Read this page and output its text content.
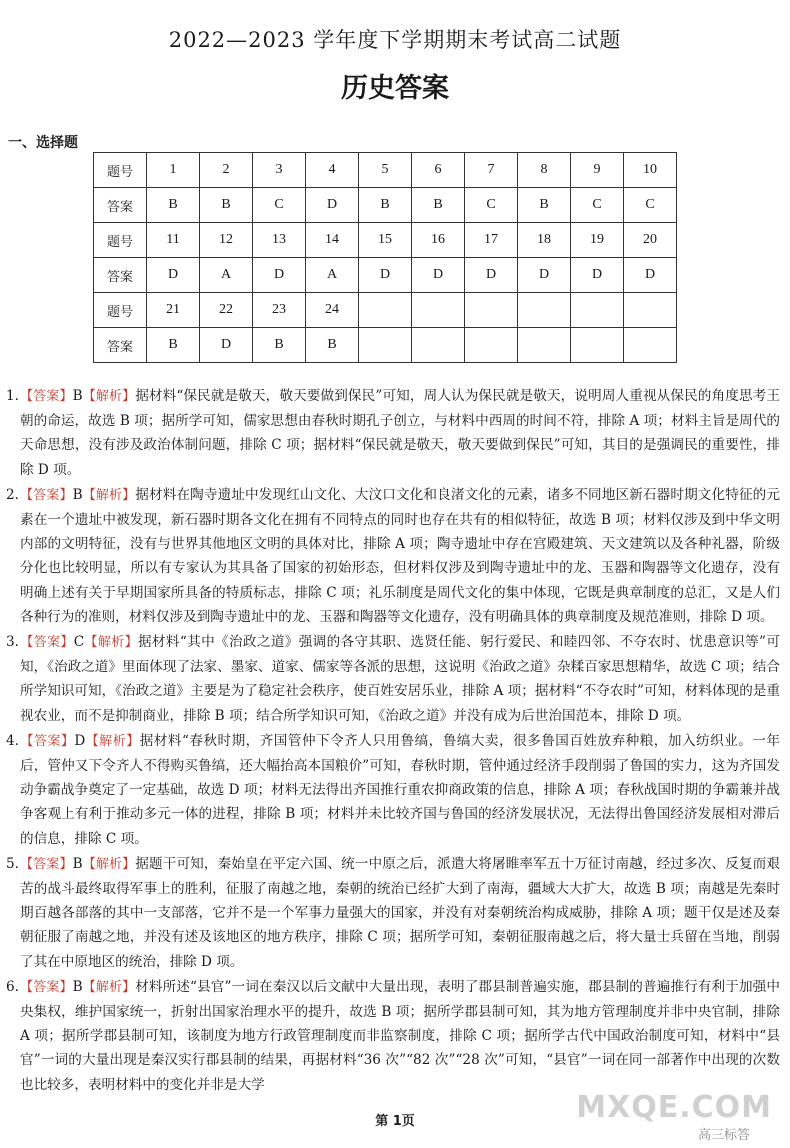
2022—2023 学年度下学期期末考试高二试题
历史答案
一、选择题
题号	1	2	3	4	5	6	7	8	9	10
答案	B	B	C	D	B	B	C	B	C	C
题号	11	12	13	14	15	16	17	18	19	20
答案	D	A	D	A	D	D	D	D	D	D
题号	21	22	23	24						
答案	B	D	B	B						
1.【答案】B【解析】据材料“保民就是敬天，敬天要做到保民”可知，周人认为保民就是敬天，说明周人重视从保民的角度思考王朝的命运，故选 B 项；据所学可知，儒家思想由春秋时期孔子创立，与材料中西周的时间不符，排除 A 项；材料主旨是周代的天命思想，没有涉及政治体制问题，排除 C 项；据材料“保民就是敬天，敬天要做到保民”可知，其目的是强调民的重要性，排除 D 项。
2.【答案】B【解析】据材料在陶寺遗址中发现红山文化、大汶口文化和良渚文化的元素，诸多不同地区新石器时期文化特征的元素在一个遗址中被发现，新石器时期各文化在拥有不同特点的同时也存在共有的相似特征，故选 B 项；材料仅涉及到中华文明内部的文明特征，没有与世界其他地区文明的具体对比，排除 A 项；陶寺遗址中存在宫殿建筑、天文建筑以及各种礼器，阶级分化也比较明显，所以有专家认为其具备了国家的初始形态，但材料仅涉及到陶寺遗址中的龙、玉器和陶器等文化遗存，没有明确上述有关于早期国家所具备的特质标志，排除 C 项；礼乐制度是周代文化的集中体现，它既是典章制度的总汇，又是人们各种行为的准则，材料仅涉及到陶寺遗址中的龙、玉器和陶器等文化遗存，没有明确具体的典章制度及规范准则，排除 D 项。
3.【答案】C【解析】据材料“其中《治政之道》强调的各守其职、选贤任能、躬行爱民、和睦四邻、不夺农时、忧患意识等”可知，《治政之道》里面体现了法家、墨家、道家、儒家等各派的思想，这说明《治政之道》杂糅百家思想精华，故选 C 项；结合所学知识可知，《治政之道》主要是为了稳定社会秩序，使百姓安居乐业，排除 A 项；据材料“不夺农时”可知，材料体现的是重视农业，而不是抑制商业，排除 B 项；结合所学知识可知，《治政之道》并没有成为后世治国范本，排除 D 项。
4.【答案】D【解析】据材料“春秋时期，齐国管仲下令齐人只用鲁缟，鲁缟大卖，很多鲁国百姓放弃种粮，加入纺织业。一年后，管仲又下令齐人不得购买鲁缟，还大幅抬高本国粮价”可知，春秋时期，管仲通过经济手段削弱了鲁国的实力，这为齐国发动争霸战争奠定了一定基础，故选 D 项；材料无法得出齐国推行重农抑商政策的信息，排除 A 项；春秋战国时期的争霸兼并战争客观上有利于推动多元一体的进程，排除 B 项；材料并未比较齐国与鲁国的经济发展状况，无法得出鲁国经济发展相对滞后的信息，排除 C 项。
5.【答案】B【解析】据题干可知，秦始皇在平定六国、统一中原之后，派遣大将屠睢率军五十万征讨南越，经过多次、反复而艰苦的战斗最终取得军事上的胜利，征服了南越之地，秦朝的统治已经扩大到了南海，疆域大大扩大，故选 B 项；南越是先秦时期百越各部落的其中一支部落，它并不是一个军事力量强大的国家，并没有对秦朝统治构成威胁，排除 A 项；题干仅是述及秦朝征服了南越之地，并没有述及该地区的地方秩序，排除 C 项；据所学可知，秦朝征服南越之后，将大量士兵留在当地，削弱了其在中原地区的统治，排除 D 项。
6.【答案】B【解析】材料所述“县官”一词在秦汉以后文献中大量出现，表明了郡县制普遍实施，郡县制的普遍推行有利于加强中央集权，维护国家统一，折射出国家治理水平的提升，故选 B 项；据所学郡县制可知，其为地方管理制度并非中央官制，排除 A 项；据所学郡县制可知，该制度为地方行政管理制度而非监察制度，排除 C 项；据所学古代中国政治制度可知，材料中“县官”一词的大量出现是秦汉实行郡县制的结果，再据材料“36 次”“82 次”“28 次”可知，“县官”一词在同一部著作中出现的次数也比较多，表明材料中的变化并非是大学
第 1页	MXQE.COM
高三标答
